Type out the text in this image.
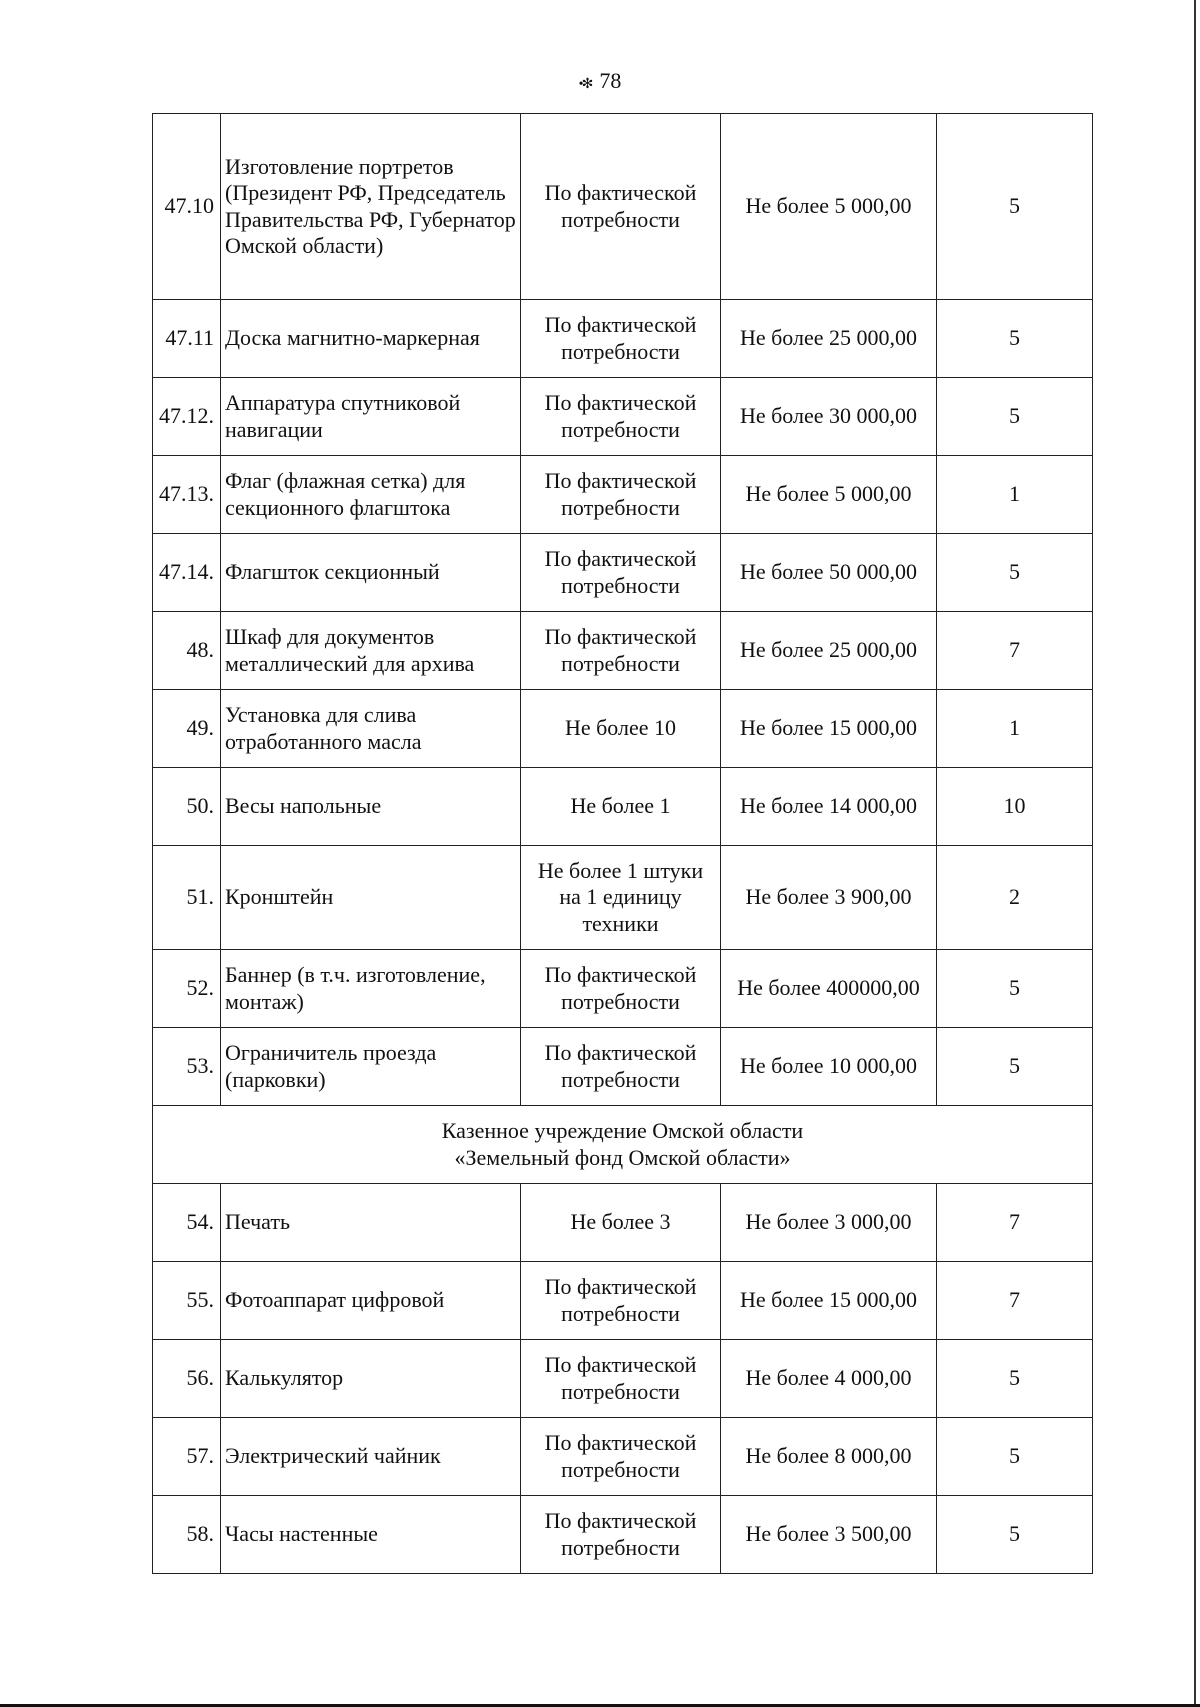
•✻ 78
47.10	Изготовление портретов (Президент РФ, Председатель Правительства РФ, Губернатор Омской области)	По фактической потребности	Не более 5 000,00	5
47.11	Доска магнитно-маркерная	По фактической потребности	Не более 25 000,00	5
47.12.	Аппаратура спутниковой навигации	По фактической потребности	Не более 30 000,00	5
47.13.	Флаг (флажная сетка) для секционного флагштока	По фактической потребности	Не более 5 000,00	1
47.14.	Флагшток секционный	По фактической потребности	Не более 50 000,00	5
48.	Шкаф для документов металлический для архива	По фактической потребности	Не более 25 000,00	7
49.	Установка для слива отработанного масла	Не более 10	Не более 15 000,00	1
50.	Весы напольные	Не более 1	Не более 14 000,00	10
51.	Кронштейн	Не более 1 штуки на 1 единицу техники	Не более 3 900,00	2
52.	Баннер (в т.ч. изготовление, монтаж)	По фактической потребности	Не более 400000,00	5
53.	Ограничитель проезда (парковки)	По фактической потребности	Не более 10 000,00	5

Казенное учреждение Омской области
«Земельный фонд Омской области»				

54.	Печать	Не более 3	Не более 3 000,00	7
55.	Фотоаппарат цифровой	По фактической потребности	Не более 15 000,00	7
56.	Калькулятор	По фактической потребности	Не более 4 000,00	5
57.	Электрический чайник	По фактической потребности	Не более 8 000,00	5
58.	Часы настенные	По фактической потребности	Не более 3 500,00	5
